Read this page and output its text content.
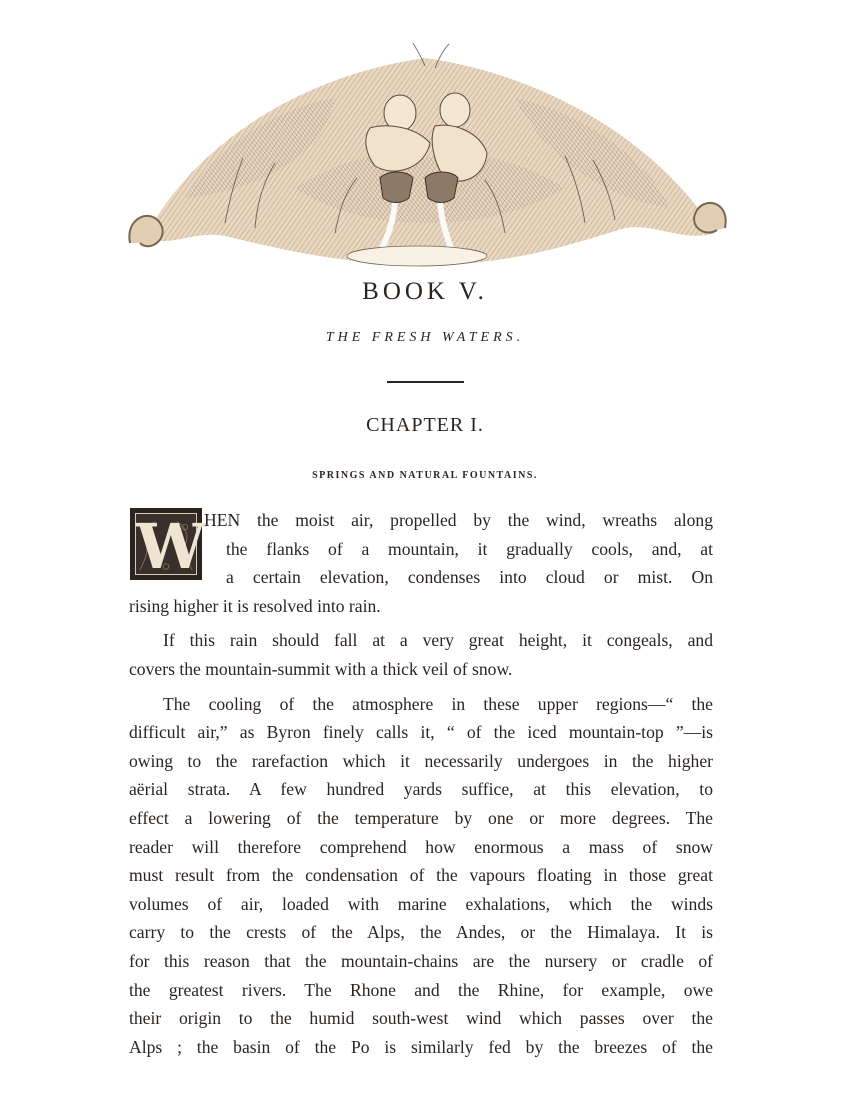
BOOK V.
THE FRESH WATERS.
CHAPTER I.
SPRINGS AND NATURAL FOUNTAINS.
W
HEN the moist air, propelled by the wind, wreaths along
the flanks of a mountain, it gradually cools, and, at
a certain elevation, condenses into cloud or mist. On
rising higher it is resolved into rain.
If this rain should fall at a very great height, it congeals, and
covers the mountain-summit with a thick veil of snow.
The cooling of the atmosphere in these upper regions—“ the
difficult air,” as Byron finely calls it, “ of the iced mountain-top ”—is
owing to the rarefaction which it necessarily undergoes in the higher
aërial strata. A few hundred yards suffice, at this elevation, to
effect a lowering of the temperature by one or more degrees. The
reader will therefore comprehend how enormous a mass of snow
must result from the condensation of the vapours floating in those great
volumes of air, loaded with marine exhalations, which the winds
carry to the crests of the Alps, the Andes, or the Himalaya. It is
for this reason that the mountain-chains are the nursery or cradle of
the greatest rivers. The Rhone and the Rhine, for example, owe
their origin to the humid south-west wind which passes over the
Alps ; the basin of the Po is similarly fed by the breezes of the
